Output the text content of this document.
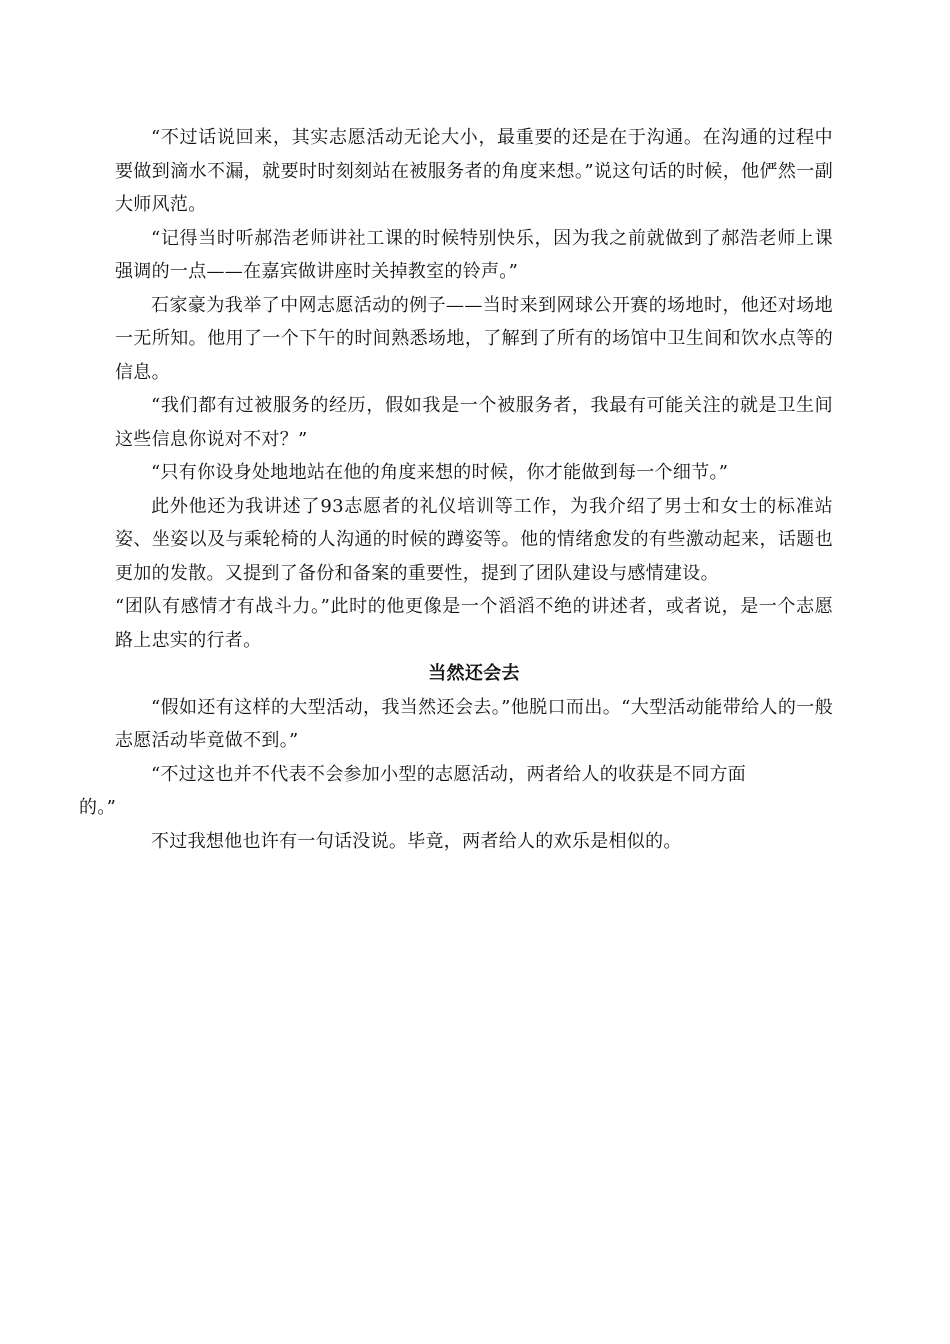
“不过话说回来，其实志愿活动无论大小，最重要的还是在于沟通。在沟通的过程中要做到滴水不漏，就要时时刻刻站在被服务者的角度来想。”说这句话的时候，他俨然一副大师风范。

“记得当时听郝浩老师讲社工课的时候特别快乐，因为我之前就做到了郝浩老师上课强调的一点——在嘉宾做讲座时关掉教室的铃声。”

石家豪为我举了中网志愿活动的例子——当时来到网球公开赛的场地时，他还对场地一无所知。他用了一个下午的时间熟悉场地，了解到了所有的场馆中卫生间和饮水点等的信息。

“我们都有过被服务的经历，假如我是一个被服务者，我最有可能关注的就是卫生间这些信息你说对不对？”

“只有你设身处地地站在他的角度来想的时候，你才能做到每一个细节。”

此外他还为我讲述了93志愿者的礼仪培训等工作，为我介绍了男士和女士的标准站姿、坐姿以及与乘轮椅的人沟通的时候的蹲姿等。他的情绪愈发的有些激动起来，话题也更加的发散。又提到了备份和备案的重要性，提到了团队建设与感情建设。

“团队有感情才有战斗力。”此时的他更像是一个滔滔不绝的讲述者，或者说，是一个志愿路上忠实的行者。

当然还会去

“假如还有这样的大型活动，我当然还会去。”他脱口而出。“大型活动能带给人的一般志愿活动毕竟做不到。”

“不过这也并不代表不会参加小型的志愿活动，两者给人的收获是不同方面
的。”

不过我想他也许有一句话没说。毕竟，两者给人的欢乐是相似的。
